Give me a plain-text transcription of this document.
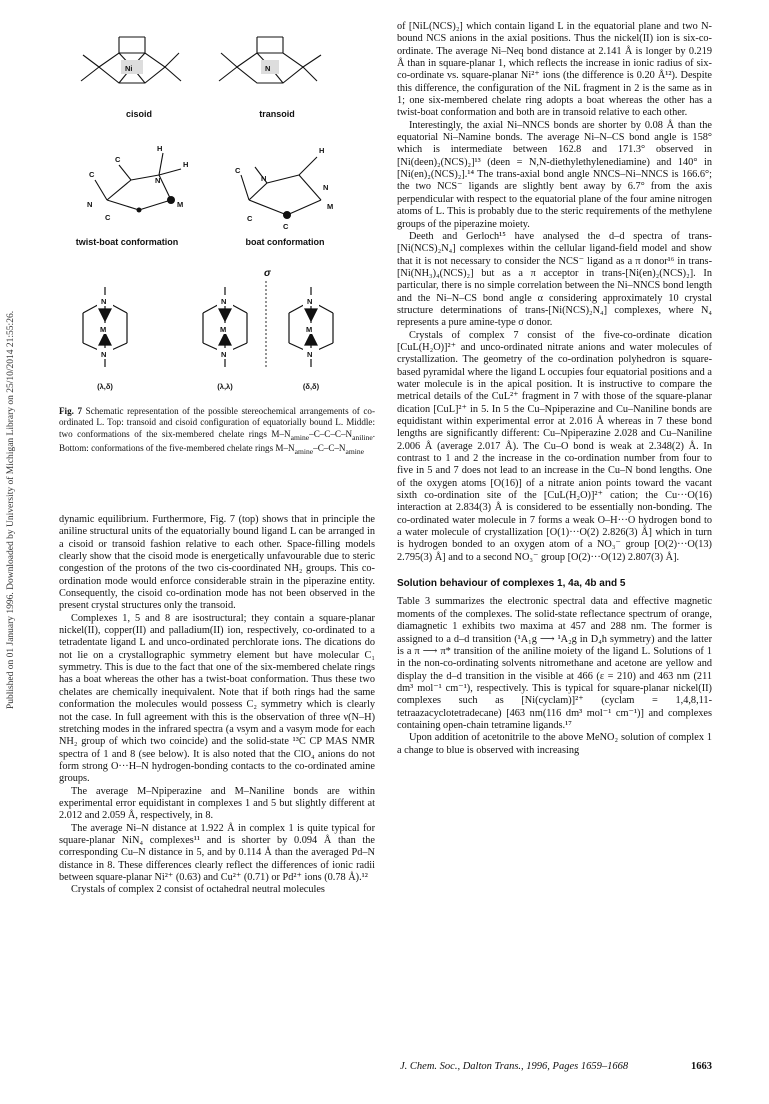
Published on 01 January 1996. Downloaded by University of Michigan Library on 25/10/2014 21:55:26.
Ni	N
cisoid	transoid
C
C
N
H
H
M
N
C
C
N
H
N
M
C
C
twist-boat conformation	boat conformation
σ
N
M
N
N
M
N
N
M
N
(λ,δ)	(λ,λ)	(δ,δ)
Fig. 7 Schematic representation of the possible stereochemical arrangements of co-ordinated L. Top: transoid and cisoid configuration of equatorially bound L. Middle: two conformations of the six-membered chelate rings $M-N_{amine}-C-C-C-N_{aniline}$. Bottom: conformations of the five-membered chelate rings $M-N_{amine}-C-C-N_{amine}$

dynamic equilibrium. Furthermore, Fig. 7 (top) shows that in principle the aniline structural units of the equatorially bound ligand L can be arranged in a cisoid or transoid fashion relative to each other. Space-filling models clearly show that the cisoid mode is energetically unfavourable due to steric congestion of the protons of the two cis-coordinated NH₂ groups. This co-ordination mode would enforce considerable strain in the piperazine entity. Consequently, the cisoid co-ordination mode has not been observed in the present crystal structures only the transoid.

Complexes 1, 5 and 8 are isostructural; they contain a square-planar nickel(II), copper(II) and palladium(II) ion, respectively, co-ordinated to a tetradentate ligand L and unco-ordinated perchlorate ions. The dications do not lie on a crystallographic symmetry element but have molecular C₁ symmetry. This is due to the fact that one of the six-membered chelate rings has a boat whereas the other has a twist-boat conformation. Thus these two chelates are chemically inequivalent. Note that if both rings had the same conformation the molecules would possess C₂ symmetry which is clearly not the case. In full agreement with this is the observation of three ν(N–H) stretching modes in the infrared spectra (a νsym and a νasym mode for each NH₂ group of which two coincide) and the solid-state ¹³C CP MAS NMR spectra of 1 and 8 (see below). It is also noted that the ClO₄ anions do not form strong O···H–N hydrogen-bonding contacts to the co-ordinated amine groups.

The average M–Npiperazine and M–Naniline bonds are within experimental error equidistant in complexes 1 and 5 but slightly different at 2.012 and 2.059 Å, respectively, in 8.

The average Ni–N distance at 1.922 Å in complex 1 is quite typical for square-planar NiN₄ complexes¹¹ and is shorter by 0.094 Å than the corresponding Cu–N distance in 5, and by 0.114 Å than the averaged Pd–N distance in 8. These differences clearly reflect the differences of ionic radii between square-planar Ni²⁺ (0.63) and Cu²⁺ (0.71) or Pd²⁺ ions (0.78 Å).¹²

Crystals of complex 2 consist of octahedral neutral molecules

of [NiL(NCS)₂] which contain ligand L in the equatorial plane and two N-bound NCS anions in the axial positions. Thus the nickel(II) ion is six-co-ordinate. The average Ni–Neq bond distance at 2.141 Å is longer by 0.219 Å than in square-planar 1, which reflects the increase in ionic radius of six-co-ordinate vs. square-planar Ni²⁺ ions (the difference is 0.20 Å¹²). Despite this difference, the configuration of the NiL fragment in 2 is the same as in 1; one six-membered chelate ring adopts a boat whereas the other has a twist-boat conformation and both are in transoid relative to each other.

Interestingly, the axial Ni–NNCS bonds are shorter by 0.08 Å than the equatorial Ni–Namine bonds. The average Ni–N–CS bond angle is 158° which is intermediate between 162.8 and 171.3° observed in [Ni(deen)₂(NCS)₂]¹³ (deen = N,N-diethylethylenediamine) and 140° in [Ni(en)₂(NCS)₂].¹⁴ The trans-axial bond angle NNCS–Ni–NNCS is 166.6°; the two NCS⁻ ligands are slightly bent away by 6.7° from the axis perpendicular with respect to the equatorial plane of the four amine nitrogen atoms of L. This is probably due to the steric requirements of the methylene groups of the piperazine moiety.

Deeth and Gerloch¹⁵ have analysed the d–d spectra of trans-[Ni(NCS)₂N₄] complexes within the cellular ligand-field model and show that it is not necessary to consider the NCS⁻ ligand as a π donor¹⁶ in trans-[Ni(NH₃)₄(NCS)₂] but as a π acceptor in trans-[Ni(en)₂(NCS)₂]. In particular, there is no simple correlation between the Ni–NNCS bond length and the Ni–N–CS bond angle α considering approximately 10 crystal structure determinations of trans-[Ni(NCS)₂N₄] complexes, where N₄ represents a pure amine-type σ donor.

Crystals of complex 7 consist of the five-co-ordinate dication [CuL(H₂O)]²⁺ and unco-ordinated nitrate anions and water molecules of crystallization. The geometry of the co-ordination polyhedron is square-based pyramidal where the ligand L occupies four equatorial positions and a water molecule is in the apical position. It is instructive to compare the metrical details of the CuL²⁺ fragment in 7 with those of the square-planar dication [CuL]²⁺ in 5. In 5 the Cu–Npiperazine and Cu–Naniline bonds are equidistant within experimental error at 2.016 Å whereas in 7 these bond lengths are significantly different: Cu–Npiperazine 2.028 and Cu–Naniline 2.006 Å (average 2.017 Å). The Cu–O bond is weak at 2.348(2) Å. In contrast to 1 and 2 the increase in the co-ordination number from four to five in 5 and 7 does not lead to an increase in the Cu–N bond lengths. One of the oxygen atoms [O(16)] of a nitrate anion points toward the vacant sixth co-ordination site of the [CuL(H₂O)]²⁺ cation; the Cu···O(16) interaction at 2.834(3) Å is considered to be essentially non-bonding. The co-ordinated water molecule in 7 forms a weak O–H···O hydrogen bond to a water molecule of crystallization [O(1)···O(2) 2.826(3) Å] which in turn is hydrogen bonded to an oxygen atom of a NO₃⁻ group [O(2)···O(13) 2.795(3) Å] and to a second NO₃⁻ group [O(2)···O(12) 2.807(3) Å].

Solution behaviour of complexes 1, 4a, 4b and 5

Table 3 summarizes the electronic spectral data and effective magnetic moments of the complexes. The solid-state reflectance spectrum of orange, diamagnetic 1 exhibits two maxima at 457 and 288 nm. The former is assigned to a d–d transition (¹A₁g ⟶ ¹A₂g in D₄h symmetry) and the latter is a π ⟶ π* transition of the aniline moiety of the ligand L. Solutions of 1 in the non-co-ordinating solvents nitromethane and acetone are yellow and display the d–d transition in the visible at 466 (ε = 210) and 463 nm (211 dm³ mol⁻¹ cm⁻¹), respectively. This is typical for square-planar nickel(II) complexes such as [Ni(cyclam)]²⁺ (cyclam = 1,4,8,11-tetraazacyclotetradecane) [463 nm(116 dm³ mol⁻¹ cm⁻¹)] and complexes containing open-chain tetramine ligands.¹⁷

Upon addition of acetonitrile to the above MeNO₂ solution of complex 1 a change to blue is observed with increasing

J. Chem. Soc., Dalton Trans., 1996, Pages 1659–1668	1663
